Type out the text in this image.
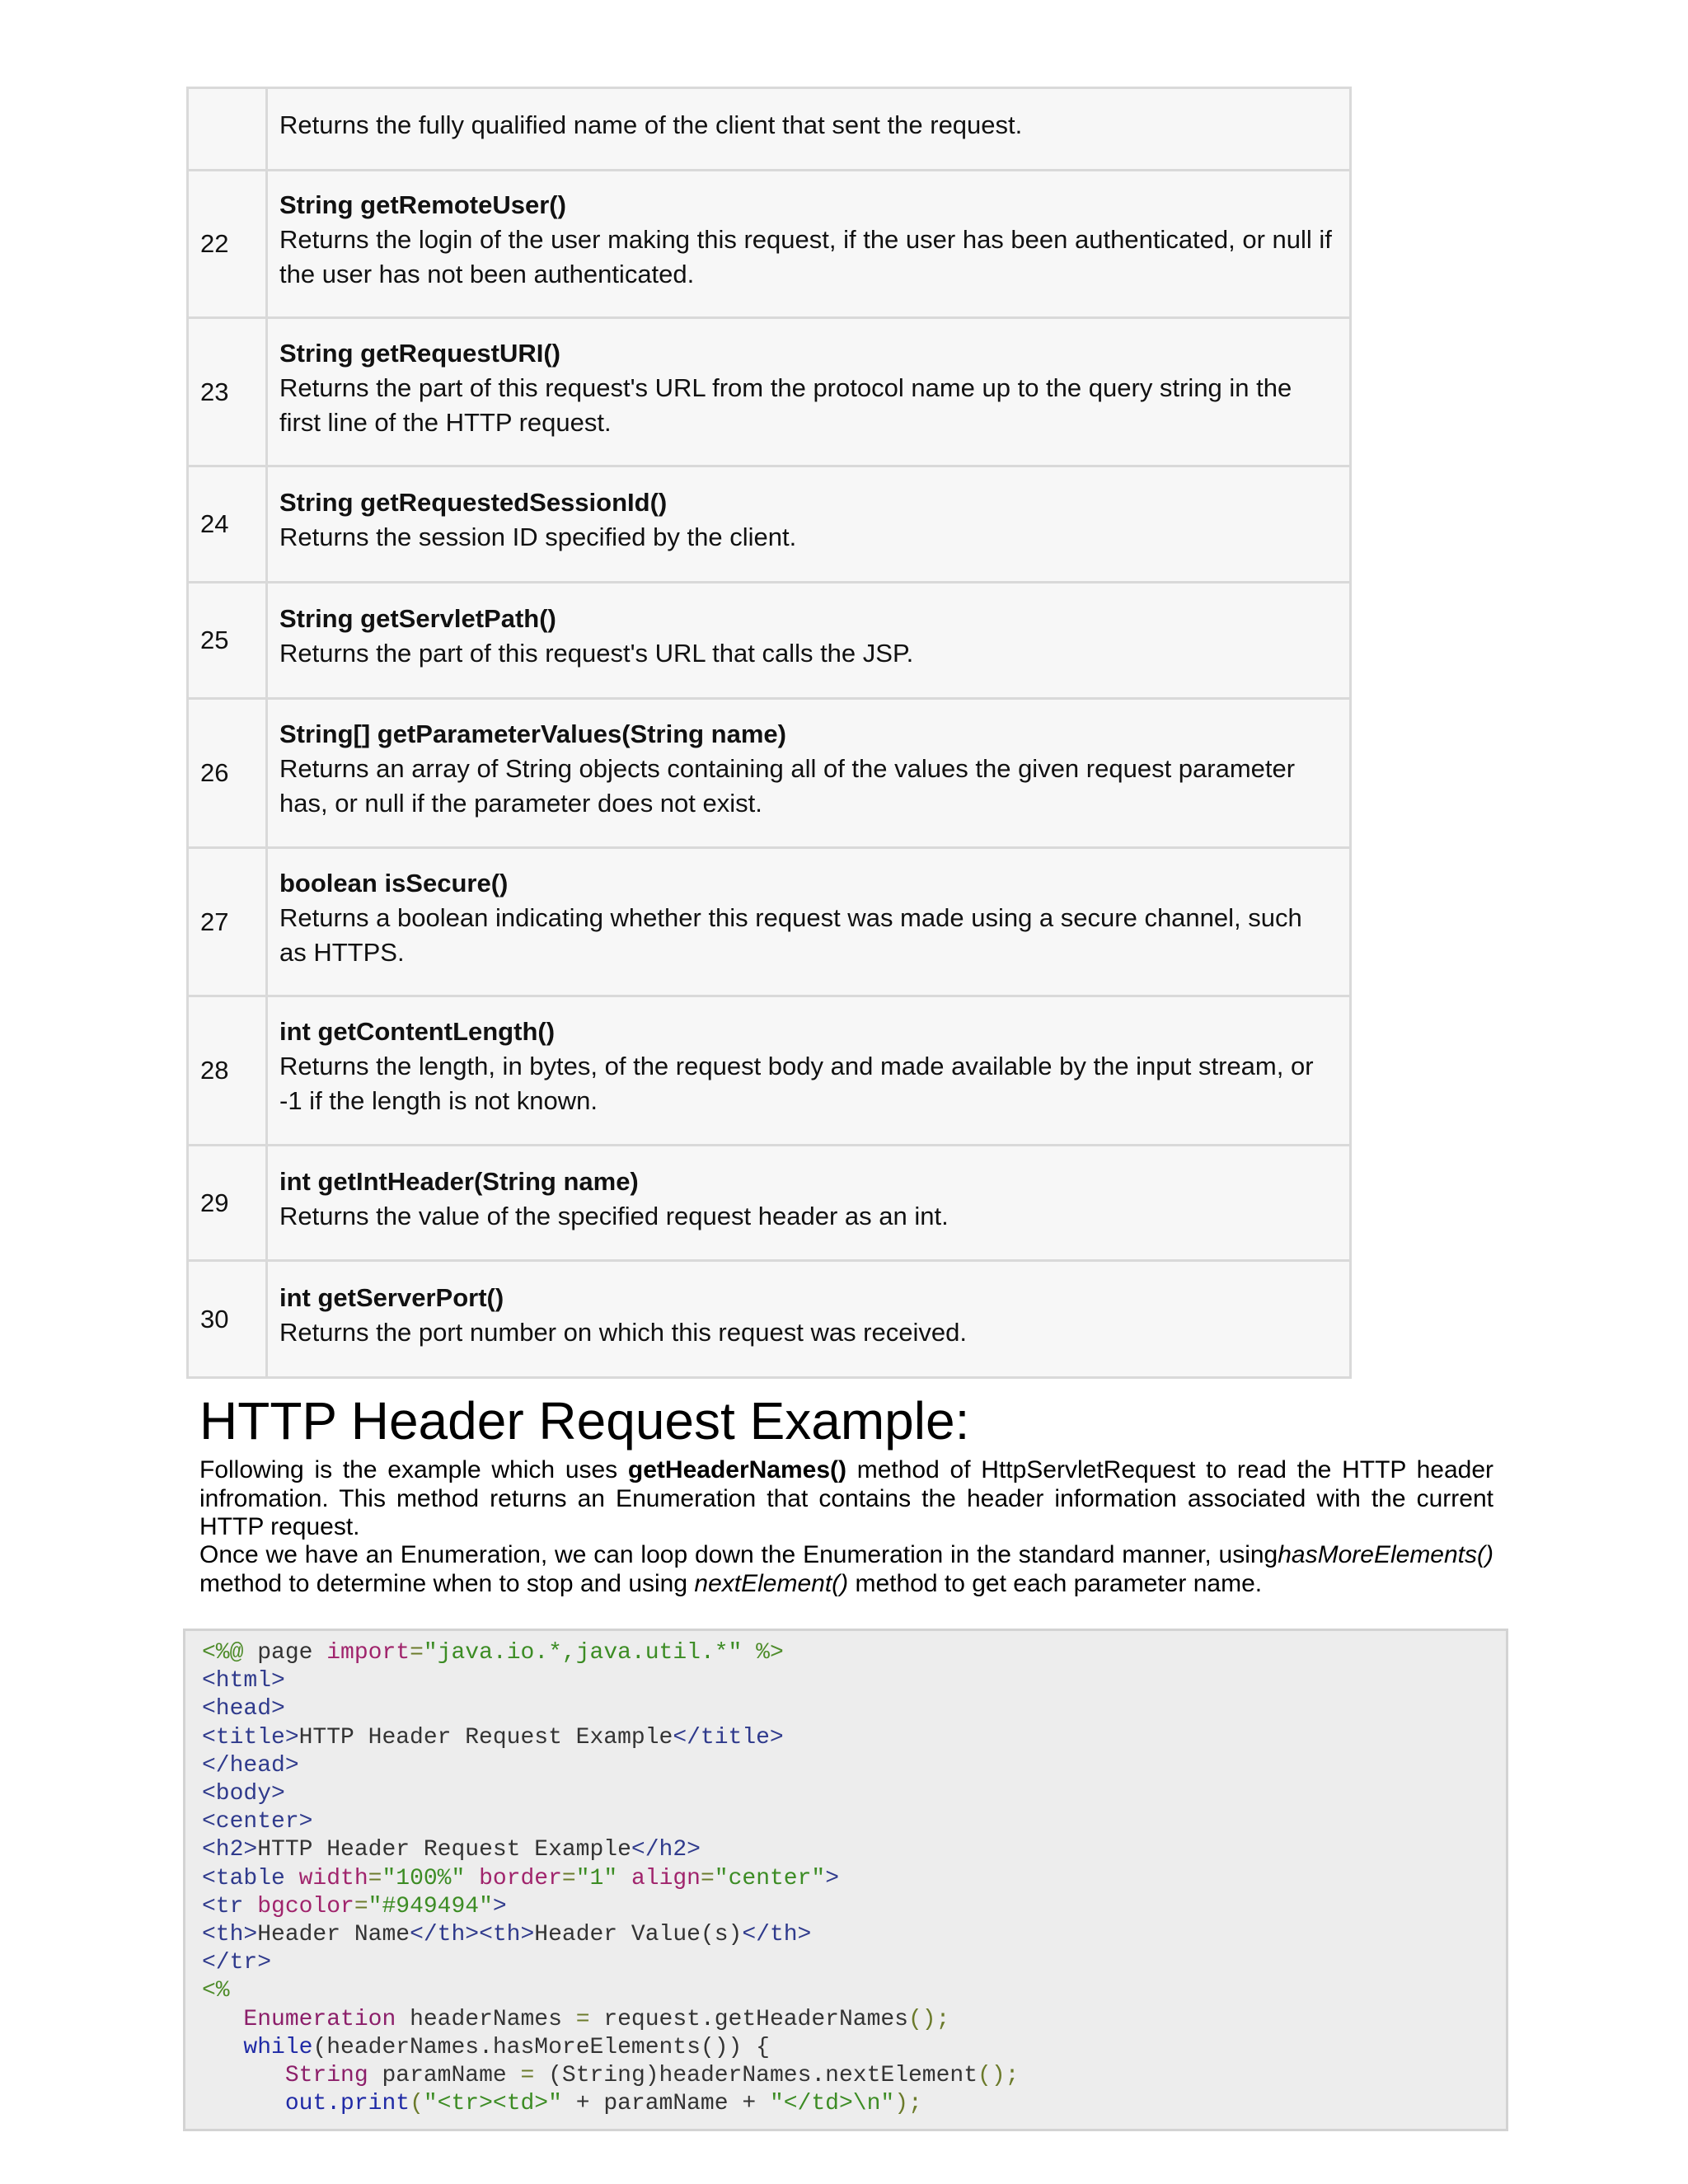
	Returns the fully qualified name of the client that sent the request.

22	String getRemoteUser()
Returns the login of the user making this request, if the user has been authenticated, or null if the user has not been authenticated.

23	String getRequestURI()
Returns the part of this request's URL from the protocol name up to the query string in the first line of the HTTP request.

24	String getRequestedSessionId()
Returns the session ID specified by the client.

25	String getServletPath()
Returns the part of this request's URL that calls the JSP.

26	String[] getParameterValues(String name)
Returns an array of String objects containing all of the values the given request parameter has, or null if the parameter does not exist.

27	boolean isSecure()
Returns a boolean indicating whether this request was made using a secure channel, such as HTTPS.

28	int getContentLength()
Returns the length, in bytes, of the request body and made available by the input stream, or -1 if the length is not known.

29	int getIntHeader(String name)
Returns the value of the specified request header as an int.

30	int getServerPort()
Returns the port number on which this request was received.
HTTP Header Request Example:

Following is the example which uses getHeaderNames() method of HttpServletRequest to read the HTTP header infromation. This method returns an Enumeration that contains the header information associated with the current HTTP request.

Once we have an Enumeration, we can loop down the Enumeration in the standard manner, usinghasMoreElements() method to determine when to stop and using nextElement() method to get each parameter name.

<%@ page import="java.io.*,java.util.*" %>
<html>
<head>
<title>HTTP Header Request Example</title>
</head>
<body>
<center>
<h2>HTTP Header Request Example</h2>
<table width="100%" border="1" align="center">
<tr bgcolor="#949494">
<th>Header Name</th><th>Header Value(s)</th>
</tr>
<%
Enumeration headerNames = request.getHeaderNames();
while(headerNames.hasMoreElements()) {
String paramName = (String)headerNames.nextElement();
out.print("<tr><td>" + paramName + "</td>\n");
